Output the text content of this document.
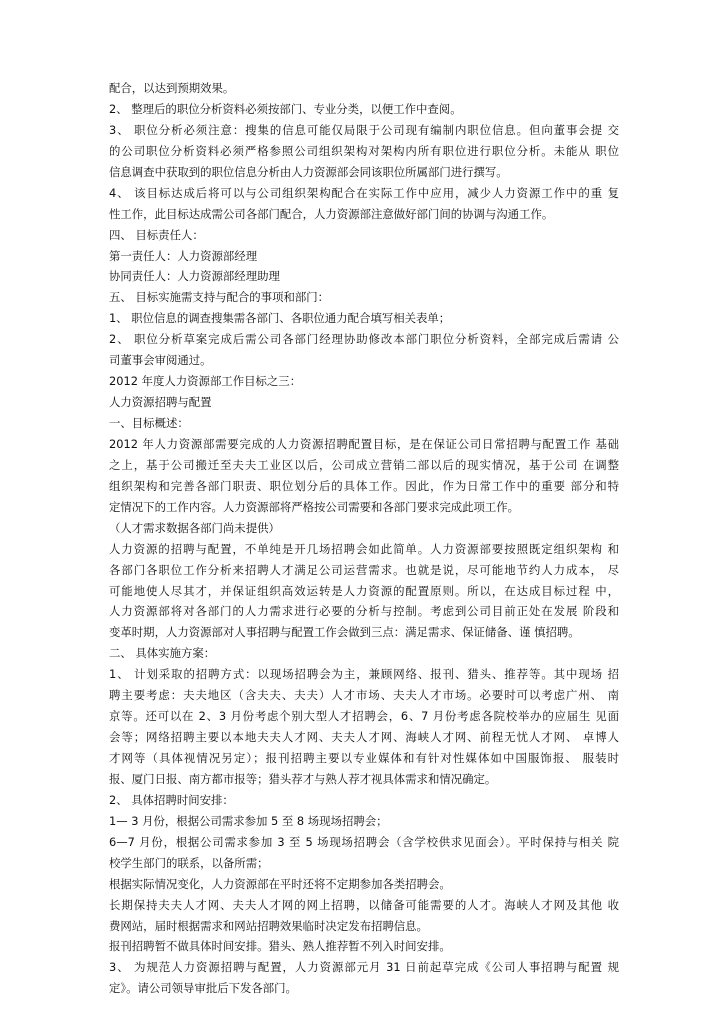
配合，以达到预期效果。
2、 整理后的职位分析资料必须按部门、专业分类，以便工作中查阅。
3、 职位分析必须注意：搜集的信息可能仅局限于公司现有编制内职位信息。但向董事会提 交
的公司职位分析资料必须严格参照公司组织架构对架构内所有职位进行职位分析。未能从 职位
信息调查中获取到的职位信息分析由人力资源部会同该职位所属部门进行撰写。
4、 该目标达成后将可以与公司组织架构配合在实际工作中应用，减少人力资源工作中的重 复
性工作，此目标达成需公司各部门配合，人力资源部注意做好部门间的协调与沟通工作。
四、 目标责任人：
第一责任人：人力资源部经理
协同责任人：人力资源部经理助理
五、 目标实施需支持与配合的事项和部门：
1、 职位信息的调查搜集需各部门、各职位通力配合填写相关表单；
2、 职位分析草案完成后需公司各部门经理协助修改本部门职位分析资料，全部完成后需请 公
司董事会审阅通过。
2012 年度人力资源部工作目标之三：
人力资源招聘与配置
一、目标概述：
2012 年人力资源部需要完成的人力资源招聘配置目标，是在保证公司日常招聘与配置工作 基础
之上，基于公司搬迁至夫夫工业区以后，公司成立营销二部以后的现实情况，基于公司 在调整
组织架构和完善各部门职责、职位划分后的具体工作。因此，作为日常工作中的重要 部分和特
定情况下的工作内容。人力资源部将严格按公司需要和各部门要求完成此项工作。
（人才需求数据各部门尚未提供）
人力资源的招聘与配置，不单纯是开几场招聘会如此简单。人力资源部要按照既定组织架构 和
各部门各职位工作分析来招聘人才满足公司运营需求。也就是说，尽可能地节约人力成本， 尽
可能地使人尽其才，并保证组织高效运转是人力资源的配置原则。所以，在达成目标过程 中，
人力资源部将对各部门的人力需求进行必要的分析与控制。考虑到公司目前正处在发展 阶段和
变革时期，人力资源部对人事招聘与配置工作会做到三点：满足需求、保证储备、谨 慎招聘。
二、 具体实施方案：
1、 计划采取的招聘方式：以现场招聘会为主，兼顾网络、报刊、猎头、推荐等。其中现场 招
聘主要考虑：夫夫地区（含夫夫、夫夫）人才市场、夫夫人才市场。必要时可以考虑广州、 南
京等。还可以在 2、3 月份考虑个别大型人才招聘会，6、7 月份考虑各院校举办的应届生 见面
会等；网络招聘主要以本地夫夫人才网、夫夫人才网、海峡人才网、前程无忧人才网、 卓博人
才网等（具体视情况另定）；报刊招聘主要以专业媒体和有针对性媒体如中国服饰报、 服装时
报、厦门日报、南方都市报等；猎头荐才与熟人荐才视具体需求和情况确定。
2、 具体招聘时间安排：
1— 3 月份，根据公司需求参加 5 至 8 场现场招聘会；
6—7 月份，根据公司需求参加 3 至 5 场现场招聘会（含学校供求见面会）。平时保持与相关 院
校学生部门的联系，以备所需；
根据实际情况变化，人力资源部在平时还将不定期参加各类招聘会。
长期保持夫夫人才网、夫夫人才网的网上招聘，以储备可能需要的人才。海峡人才网及其他 收
费网站，届时根据需求和网站招聘效果临时决定发布招聘信息。
报刊招聘暂不做具体时间安排。猎头、熟人推荐暂不列入时间安排。
3、 为规范人力资源招聘与配置，人力资源部元月 31 日前起草完成《公司人事招聘与配置 规
定》。请公司领导审批后下发各部门。
